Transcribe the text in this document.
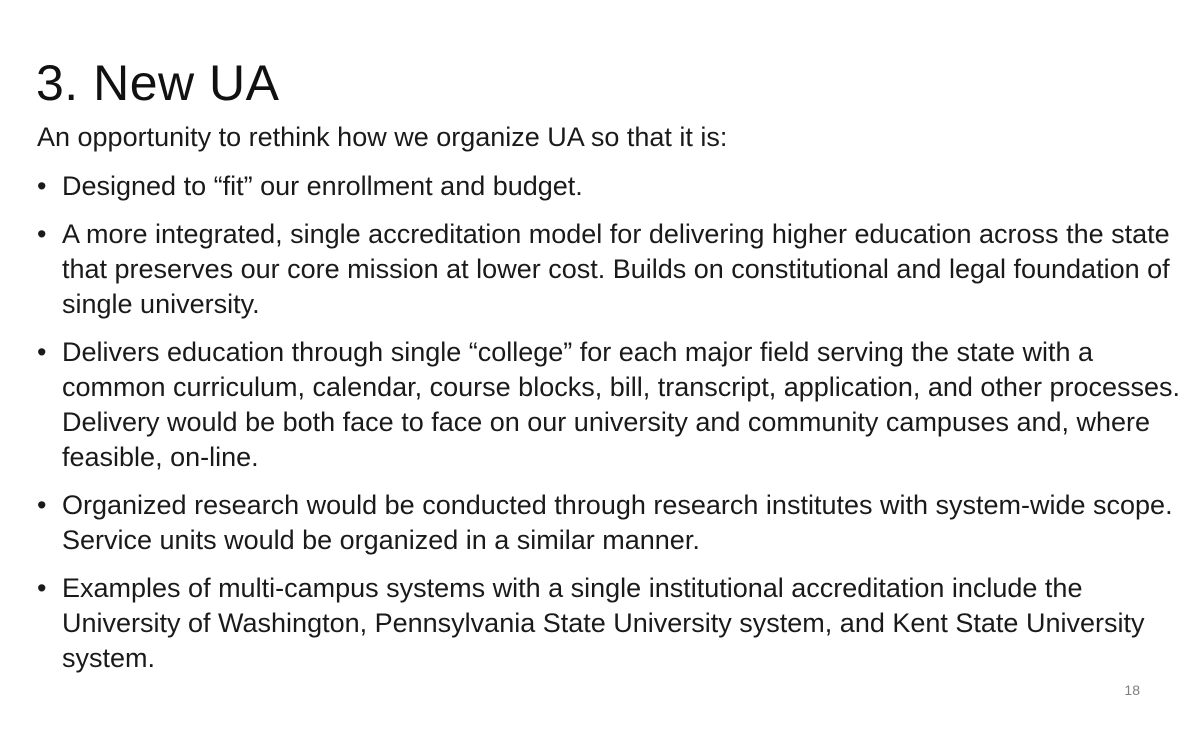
3. New UA

An opportunity to rethink how we organize UA so that it is:

• Designed to “fit” our enrollment and budget.
• A more integrated, single accreditation model for delivering higher education across the state that preserves our core mission at lower cost. Builds on constitutional and legal foundation of single university.
• Delivers education through single “college” for each major field serving the state with a common curriculum, calendar, course blocks, bill, transcript, application, and other processes. Delivery would be both face to face on our university and community campuses and, where feasible, on-line.
• Organized research would be conducted through research institutes with system-wide scope. Service units would be organized in a similar manner.
• Examples of multi-campus systems with a single institutional accreditation include the University of Washington, Pennsylvania State University system, and Kent State University system.
18
